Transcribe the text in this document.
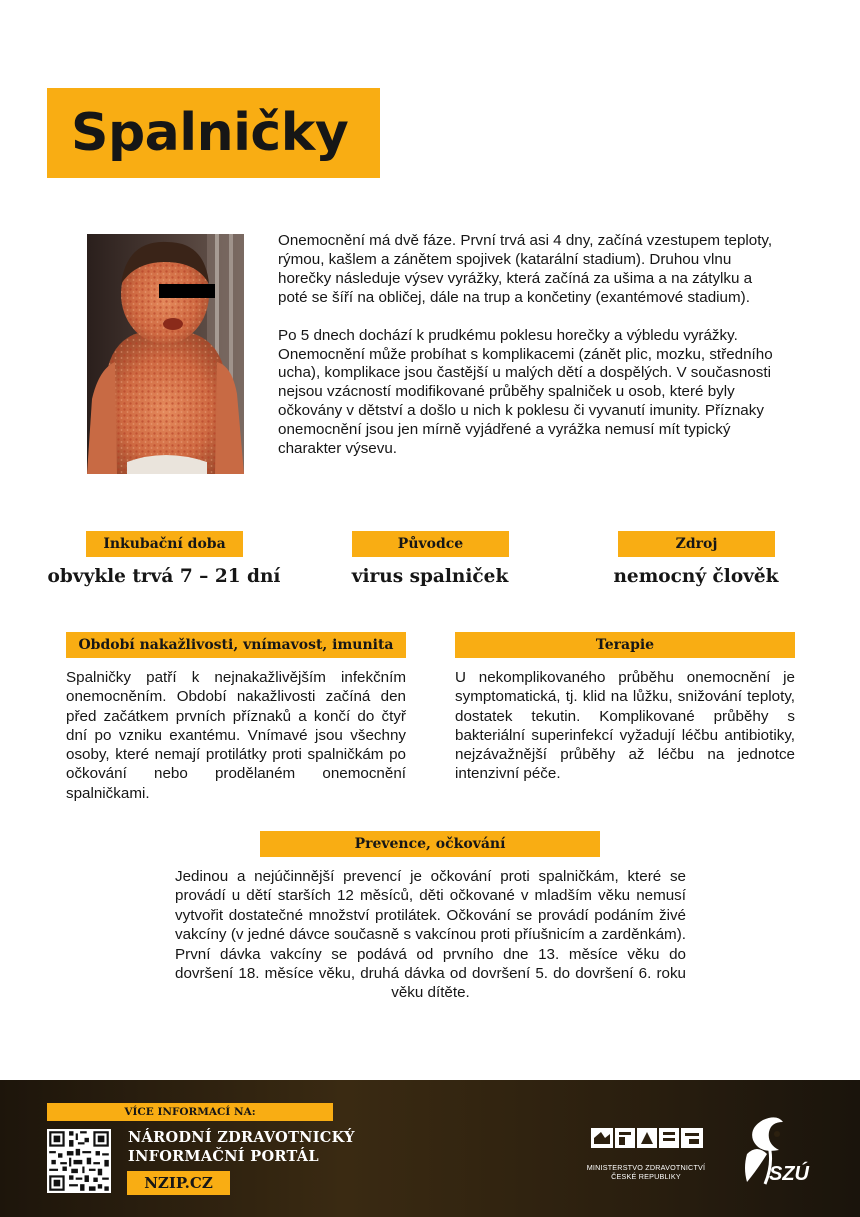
Spalničky

Onemocnění má dvě fáze. První trvá asi 4 dny, začíná vzestupem teploty, rýmou, kašlem a zánětem spojivek (katarální stadium). Druhou vlnu horečky následuje výsev vyrážky, která začíná za ušima a na zátylku a poté se šíří na obličej, dále na trup a končetiny (exantémové stadium).

Po 5 dnech dochází k prudkému poklesu horečky a výbledu vyrážky. Onemocnění může probíhat s komplikacemi (zánět plic, mozku, středního ucha), komplikace jsou častější u malých dětí a dospělých. V současnosti nejsou vzácností modifikované průběhy spalniček u osob, které byly očkovány v dětství a došlo u nich k poklesu či vyvanutí imunity. Příznaky onemocnění jsou jen mírně vyjádřené a vyrážka nemusí mít typický charakter výsevu.

Inkubační doba
obvykle trvá 7 – 21 dní
Původce
virus spalniček
Zdroj
nemocný člověk
Období nakažlivosti, vnímavost, imunita
Spalničky patří k nejnakažlivějším infekčním onemocněním. Období nakažlivosti začíná den před začátkem prvních příznaků a končí do čtyř dní po vzniku exantému. Vnímavé jsou všechny osoby, které nemají protilátky proti spalničkám po očkování nebo prodělaném onemocnění spalničkami.
Terapie
U nekomplikovaného průběhu onemocnění je symptomatická, tj. klid na lůžku, snižování teploty, dostatek tekutin. Komplikované průběhy s bakteriální superinfekcí vyžadují léčbu antibiotiky, nejzávažnější průběhy až léčbu na jednotce intenzivní péče.
Prevence, očkování
Jedinou a nejúčinnější prevencí je očkování proti spalničkám, které se provádí u dětí starších 12 měsíců, děti očkované v mladším věku nemusí vytvořit dostatečné množství protilátek. Očkování se provádí podáním živé vakcíny (v jedné dávce současně s vakcínou proti příušnicím a zarděnkám). První dávka vakcíny se podává od prvního dne 13. měsíce věku do dovršení 18. měsíce věku, druhá dávka od dovršení 5. do dovršení 6. roku věku dítěte.
VÍCE INFORMACÍ NA:
NÁRODNÍ ZDRAVOTNICKÝ
INFORMAČNÍ PORTÁL
NZIP.CZ
MINISTERSTVO ZDRAVOTNICTVÍ
ČESKÉ REPUBLIKY	SZÚ
